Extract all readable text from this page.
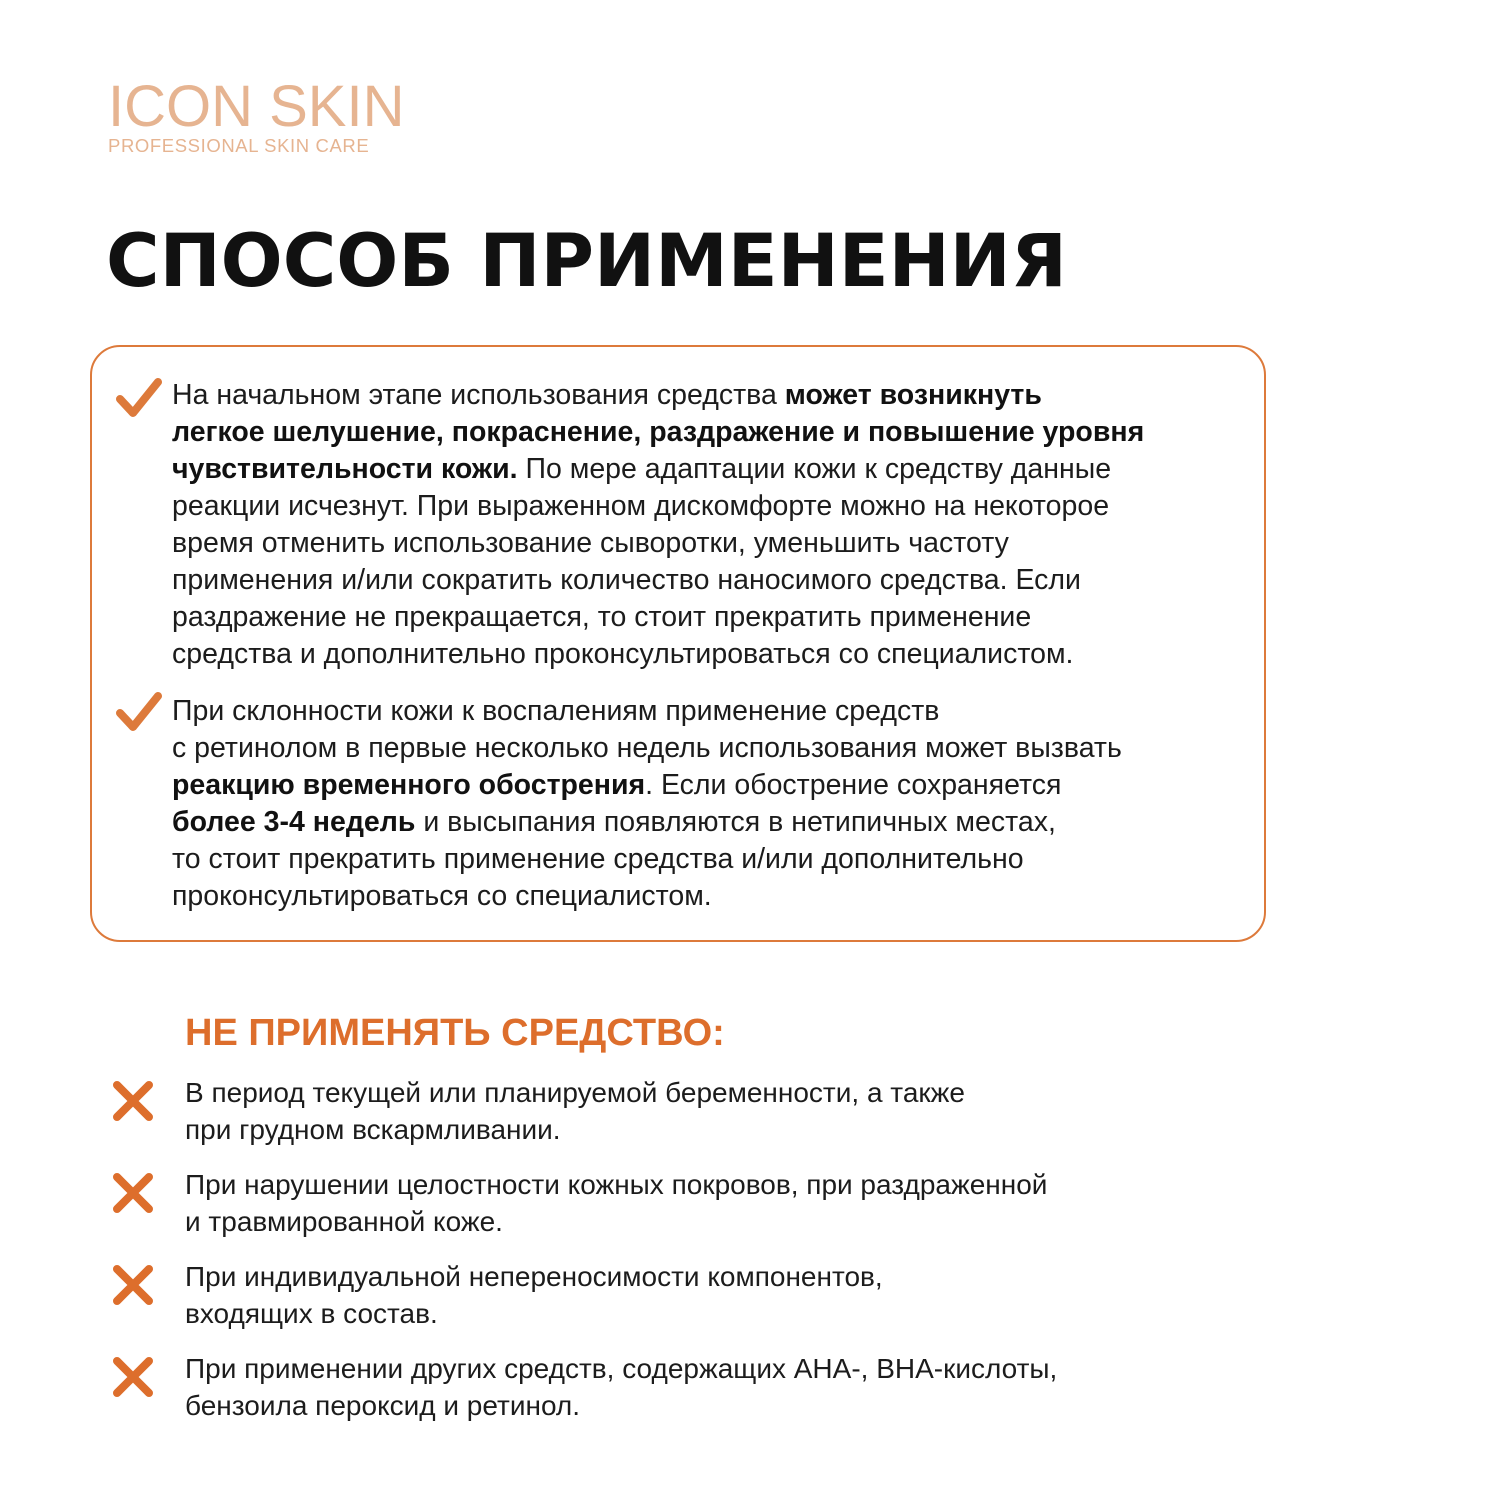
ICON SKIN
PROFESSIONAL SKIN CARE
СПОСОБ ПРИМЕНЕНИЯ
На начальном этапе использования средства может возникнуть
легкое шелушение, покраснение, раздражение и повышение уровня
чувствительности кожи. По мере адаптации кожи к средству данные
реакции исчезнут. При выраженном дискомфорте можно на некоторое
время отменить использование сыворотки, уменьшить частоту
применения и/или сократить количество наносимого средства. Если
раздражение не прекращается, то стоит прекратить применение
средства и дополнительно проконсультироваться со специалистом.
При склонности кожи к воспалениям применение средств
с ретинолом в первые несколько недель использования может вызвать
реакцию временного обострения. Если обострение сохраняется
более 3-4 недель и высыпания появляются в нетипичных местах,
то стоит прекратить применение средства и/или дополнительно
проконсультироваться со специалистом.
НЕ ПРИМЕНЯТЬ СРЕДСТВО:
В период текущей или планируемой беременности, а также
при грудном вскармливании.
При нарушении целостности кожных покровов, при раздраженной
и травмированной коже.
При индивидуальной непереносимости компонентов,
входящих в состав.
При применении других средств, содержащих АНА-, ВНА-кислоты,
бензоила пероксид и ретинол.
